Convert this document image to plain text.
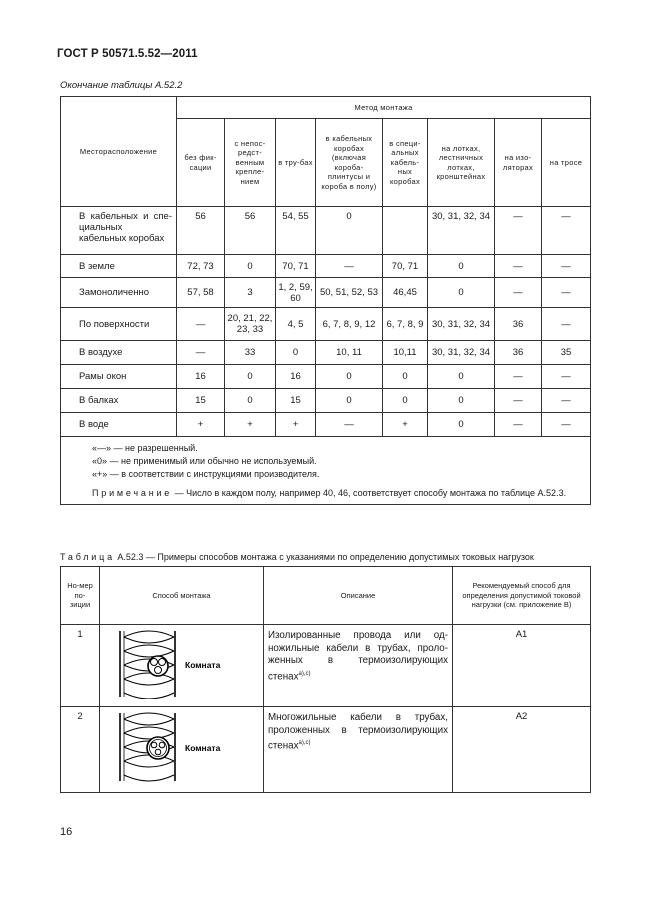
ГОСТ Р 50571.5.52—2011
Окончание таблицы А.52.2
Месторасположение	Метод монтажа							
	без фик-сации	с непос-редст-венным крепле-нием	в тру-бах	в кабельных коробах (включая короба-плинтусы и короба в полу)	в специ-альных кабель-ных коробах	на лотках, лестничных лотках, кронштейнах	на изо-ляторах	на тросе
В кабельных и спе-циальных кабельных коробах	56	56	54, 55	0		30, 31, 32, 34	—	—
В земле	72, 73	0	70, 71	—	70, 71	0	—	—
Замоноличенно	57, 58	3	1, 2, 59, 60	50, 51, 52, 53	46,45	0	—	—
По поверхности	—	20, 21, 22, 23, 33	4, 5	6, 7, 8, 9, 12	6, 7, 8, 9	30, 31, 32, 34	36	—
В воздухе	—	33	0	10, 11	10,11	30, 31, 32, 34	36	35
Рамы окон	16	0	16	0	0	0	—	—
В балках	15	0	15	0	0	0	—	—
В воде	+	+	+	—	+	0	—	—

«—» — не разрешенный.
«0» — не применимый или обычно не используемый.
«+» — в соответствии с инструкциями производителя.
Примечание — Число в каждом полу, например 40, 46, соответствует способу монтажа по таблице А.52.3.								
Таблица А.52.3 — Примеры способов монтажа с указаниями по определению допустимых токовых нагрузок
Но-мер по-зиции	Способ монтажа	Описание	Рекомендуемый способ для определения допустимой токовой нагрузки (см. приложение В)
1	Комната	Изолированные провода или од-ножильные кабели в трубах, проло-женных в термоизолирующих стенах$^{a),c)}$	A1
2	Комната	Многожильные кабели в трубах, проложенных в термоизолирующих стенах$^{a),c)}$	A2
16
